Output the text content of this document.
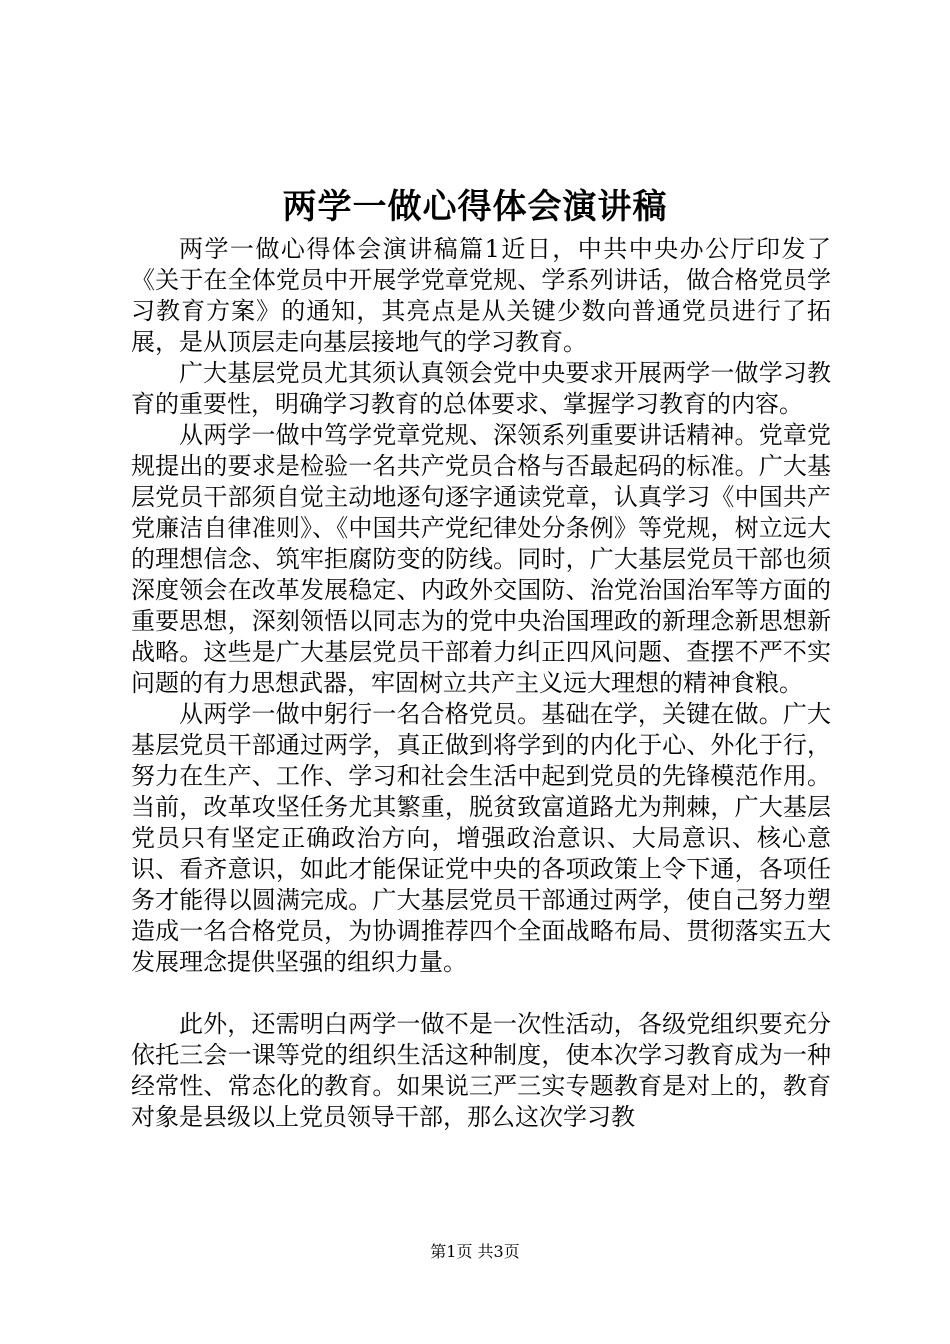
两学一做心得体会演讲稿

两学一做心得体会演讲稿篇1近日，中共中央办公厅印发了《关于在全体党员中开展学党章党规、学系列讲话，做合格党员学习教育方案》的通知，其亮点是从关键少数向普通党员进行了拓展，是从顶层走向基层接地气的学习教育。

广大基层党员尤其须认真领会党中央要求开展两学一做学习教育的重要性，明确学习教育的总体要求、掌握学习教育的内容。

从两学一做中笃学党章党规、深领系列重要讲话精神。党章党规提出的要求是检验一名共产党员合格与否最起码的标准。广大基层党员干部须自觉主动地逐句逐字通读党章，认真学习《中国共产党廉洁自律准则》、《中国共产党纪律处分条例》等党规，树立远大的理想信念、筑牢拒腐防变的防线。同时，广大基层党员干部也须深度领会在改革发展稳定、内政外交国防、治党治国治军等方面的重要思想，深刻领悟以同志为的党中央治国理政的新理念新思想新战略。这些是广大基层党员干部着力纠正四风问题、查摆不严不实问题的有力思想武器，牢固树立共产主义远大理想的精神食粮。

从两学一做中躬行一名合格党员。基础在学，关键在做。广大基层党员干部通过两学，真正做到将学到的内化于心、外化于行，努力在生产、工作、学习和社会生活中起到党员的先锋模范作用。当前，改革攻坚任务尤其繁重，脱贫致富道路尤为荆棘，广大基层党员只有坚定正确政治方向，增强政治意识、大局意识、核心意识、看齐意识，如此才能保证党中央的各项政策上令下通，各项任务才能得以圆满完成。广大基层党员干部通过两学，使自己努力塑造成一名合格党员，为协调推荐四个全面战略布局、贯彻落实五大发展理念提供坚强的组织力量。

此外，还需明白两学一做不是一次性活动，各级党组织要充分依托三会一课等党的组织生活这种制度，使本次学习教育成为一种经常性、常态化的教育。如果说三严三实专题教育是对上的，教育对象是县级以上党员领导干部，那么这次学习教

第1页 共3页
